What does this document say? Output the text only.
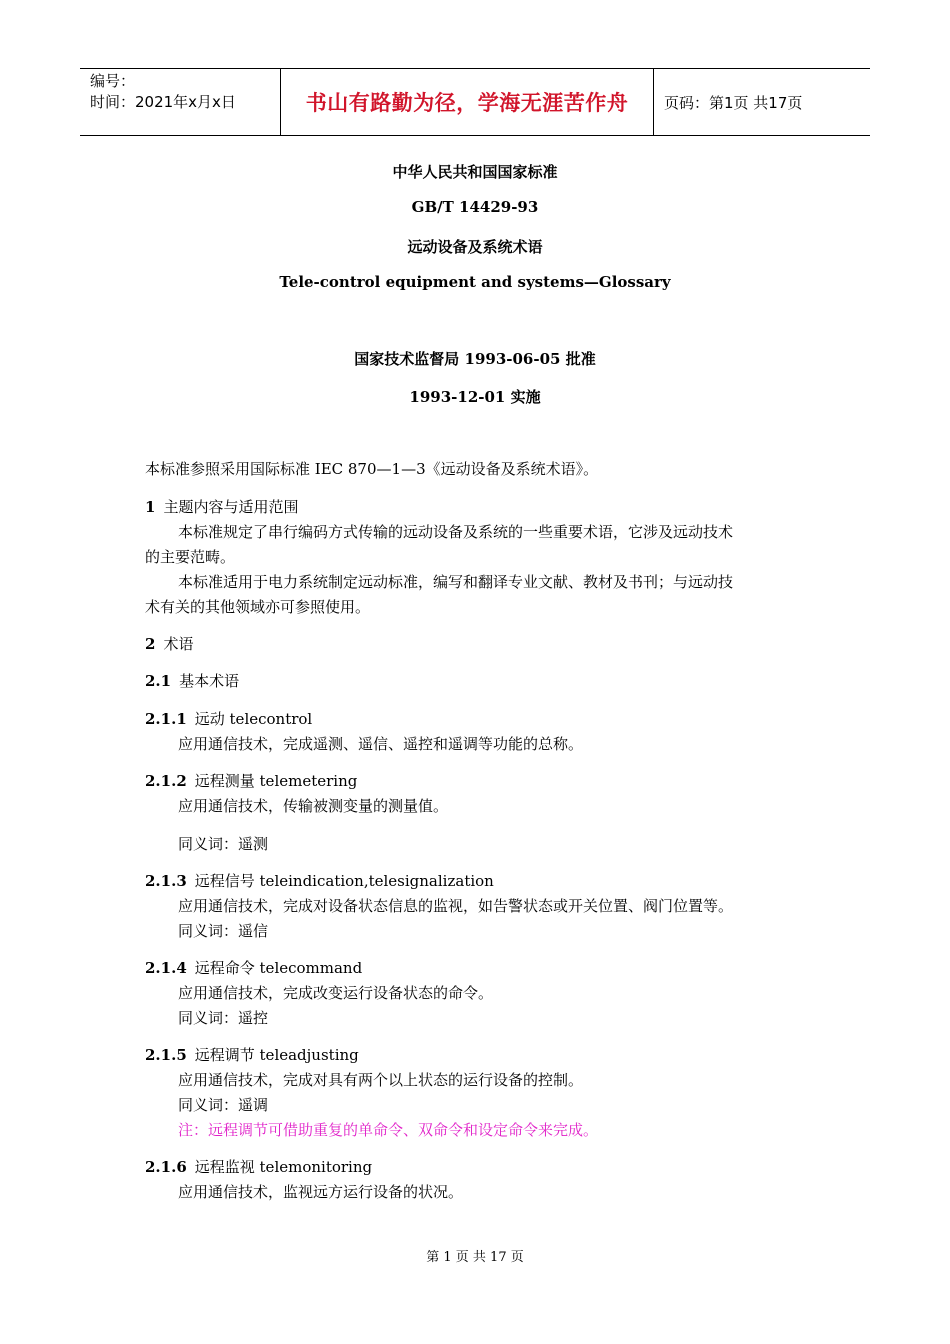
编号：
时间：2021年x月x日	书山有路勤为径，学海无涯苦作舟	页码：第1页 共17页
中华人民共和国国家标准
GB/T 14429-93
远动设备及系统术语
Tele-control equipment and systems—Glossary
国家技术监督局 1993-06-05 批准
1993-12-01 实施
本标准参照采用国际标准 IEC 870—1—3《远动设备及系统术语》。
1 主题内容与适用范围
本标准规定了串行编码方式传输的远动设备及系统的一些重要术语，它涉及远动技术
的主要范畴。
本标准适用于电力系统制定远动标准，编写和翻译专业文献、教材及书刊；与远动技
术有关的其他领域亦可参照使用。
2 术语
2.1 基本术语
2.1.1 远动 telecontrol
应用通信技术，完成遥测、遥信、遥控和遥调等功能的总称。
2.1.2 远程测量 telemetering
应用通信技术，传输被测变量的测量值。
同义词：遥测
2.1.3 远程信号 teleindication,telesignalization
应用通信技术，完成对设备状态信息的监视，如告警状态或开关位置、阀门位置等。
同义词：遥信
2.1.4 远程命令 telecommand
应用通信技术，完成改变运行设备状态的命令。
同义词：遥控
2.1.5 远程调节 teleadjusting
应用通信技术，完成对具有两个以上状态的运行设备的控制。
同义词：遥调
注：远程调节可借助重复的单命令、双命令和设定命令来完成。
2.1.6 远程监视 telemonitoring
应用通信技术，监视远方运行设备的状况。
第 1 页 共 17 页
